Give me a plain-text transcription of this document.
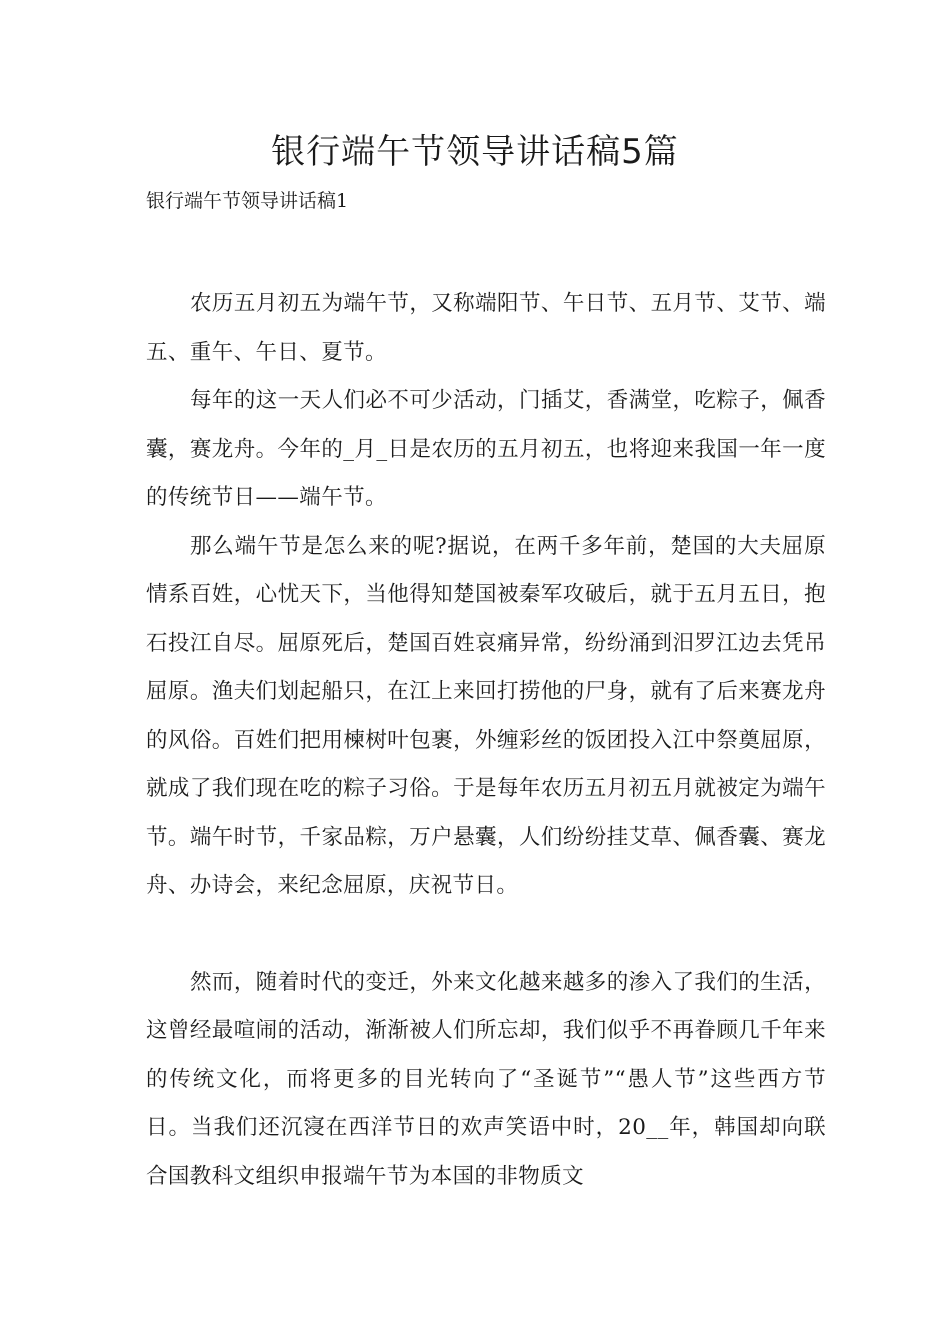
银行端午节领导讲话稿5篇

银行端午节领导讲话稿1

农历五月初五为端午节，又称端阳节、午日节、五月节、艾节、端五、重午、午日、夏节。

每年的这一天人们必不可少活动，门插艾，香满堂，吃粽子，佩香囊，赛龙舟。今年的_月_日是农历的五月初五，也将迎来我国一年一度的传统节日——端午节。

那么端午节是怎么来的呢?据说，在两千多年前，楚国的大夫屈原情系百姓，心忧天下，当他得知楚国被秦军攻破后，就于五月五日，抱石投江自尽。屈原死后，楚国百姓哀痛异常，纷纷涌到汨罗江边去凭吊屈原。渔夫们划起船只，在江上来回打捞他的尸身，就有了后来赛龙舟的风俗。百姓们把用楝树叶包裹，外缠彩丝的饭团投入江中祭奠屈原，就成了我们现在吃的粽子习俗。于是每年农历五月初五月就被定为端午节。端午时节，千家品粽，万户悬囊，人们纷纷挂艾草、佩香囊、赛龙舟、办诗会，来纪念屈原，庆祝节日。

然而，随着时代的变迁，外来文化越来越多的渗入了我们的生活，这曾经最喧闹的活动，渐渐被人们所忘却，我们似乎不再眷顾几千年来的传统文化，而将更多的目光转向了“圣诞节”“愚人节”这些西方节日。当我们还沉寖在西洋节日的欢声笑语中时，20__年，韩国却向联合国教科文组织申报端午节为本国的非物质文
